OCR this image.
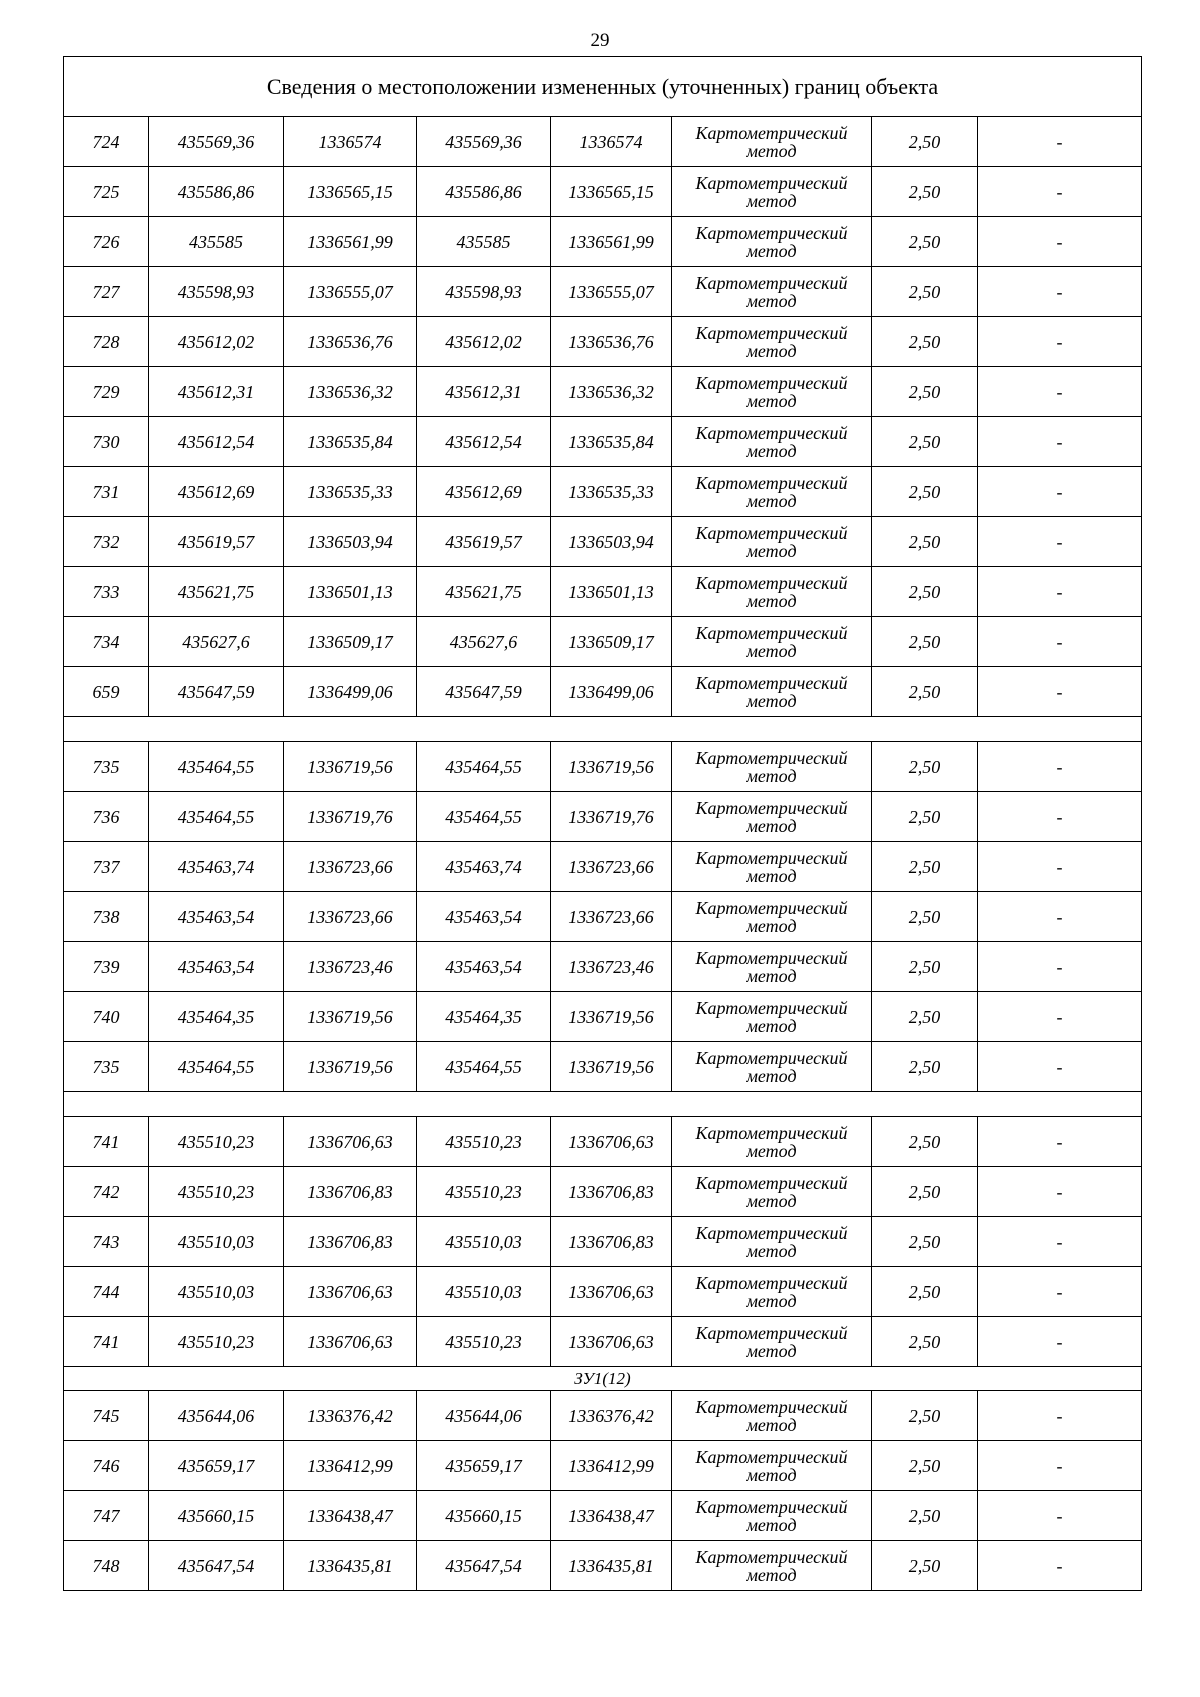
29
Сведения о местоположении измененных (уточненных) границ объекта							
724	435569,36	1336574	435569,36	1336574	Картометрический метод	2,50	-
725	435586,86	1336565,15	435586,86	1336565,15	Картометрический метод	2,50	-
726	435585	1336561,99	435585	1336561,99	Картометрический метод	2,50	-
727	435598,93	1336555,07	435598,93	1336555,07	Картометрический метод	2,50	-
728	435612,02	1336536,76	435612,02	1336536,76	Картометрический метод	2,50	-
729	435612,31	1336536,32	435612,31	1336536,32	Картометрический метод	2,50	-
730	435612,54	1336535,84	435612,54	1336535,84	Картометрический метод	2,50	-
731	435612,69	1336535,33	435612,69	1336535,33	Картометрический метод	2,50	-
732	435619,57	1336503,94	435619,57	1336503,94	Картометрический метод	2,50	-
733	435621,75	1336501,13	435621,75	1336501,13	Картометрический метод	2,50	-
734	435627,6	1336509,17	435627,6	1336509,17	Картометрический метод	2,50	-
659	435647,59	1336499,06	435647,59	1336499,06	Картометрический метод	2,50	-

735	435464,55	1336719,56	435464,55	1336719,56	Картометрический метод	2,50	-
736	435464,55	1336719,76	435464,55	1336719,76	Картометрический метод	2,50	-
737	435463,74	1336723,66	435463,74	1336723,66	Картометрический метод	2,50	-
738	435463,54	1336723,66	435463,54	1336723,66	Картометрический метод	2,50	-
739	435463,54	1336723,46	435463,54	1336723,46	Картометрический метод	2,50	-
740	435464,35	1336719,56	435464,35	1336719,56	Картометрический метод	2,50	-
735	435464,55	1336719,56	435464,55	1336719,56	Картометрический метод	2,50	-

741	435510,23	1336706,63	435510,23	1336706,63	Картометрический метод	2,50	-
742	435510,23	1336706,83	435510,23	1336706,83	Картометрический метод	2,50	-
743	435510,03	1336706,83	435510,03	1336706,83	Картометрический метод	2,50	-
744	435510,03	1336706,63	435510,03	1336706,63	Картометрический метод	2,50	-
741	435510,23	1336706,63	435510,23	1336706,63	Картометрический метод	2,50	-
ЗУ1(12)							
745	435644,06	1336376,42	435644,06	1336376,42	Картометрический метод	2,50	-
746	435659,17	1336412,99	435659,17	1336412,99	Картометрический метод	2,50	-
747	435660,15	1336438,47	435660,15	1336438,47	Картометрический метод	2,50	-
748	435647,54	1336435,81	435647,54	1336435,81	Картометрический метод	2,50	-
